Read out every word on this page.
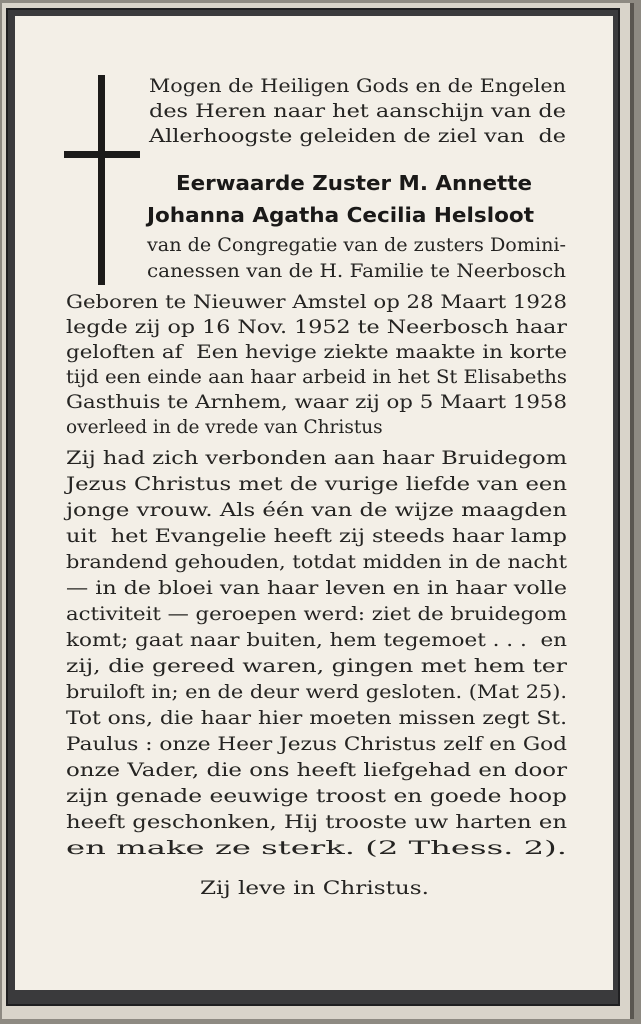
Mogen de Heiligen Gods en de Engelen
des Heren naar het aanschijn van de
Allerhoogste geleiden de ziel van  de
Eerwaarde Zuster M. Annette
Johanna Agatha Cecilia Helsloot
van de Congregatie van de zusters Domini-
canessen van de H. Familie te Neerbosch
Geboren te Nieuwer Amstel op 28 Maart 1928
legde zij op 16 Nov. 1952 te Neerbosch haar
geloften af  Een hevige ziekte maakte in korte
tijd een einde aan haar arbeid in het St Elisabeths
Gasthuis te Arnhem, waar zij op 5 Maart 1958
overleed in de vrede van Christus
Zij had zich verbonden aan haar Bruidegom
Jezus Christus met de vurige liefde van een
jonge vrouw. Als één van de wijze maagden
uit  het Evangelie heeft zij steeds haar lamp
brandend gehouden, totdat midden in de nacht
— in de bloei van haar leven en in haar volle
activiteit — geroepen werd: ziet de bruidegom
komt; gaat naar buiten, hem tegemoet . . .  en
zij, die gereed waren, gingen met hem ter
bruiloft in; en de deur werd gesloten. (Mat 25).
Tot ons, die haar hier moeten missen zegt St.
Paulus : onze Heer Jezus Christus zelf en God
onze Vader, die ons heeft liefgehad en door
zijn genade eeuwige troost en goede hoop
heeft geschonken, Hij trooste uw harten en
en make ze sterk. (2 Thess. 2).
Zij leve in Christus.
